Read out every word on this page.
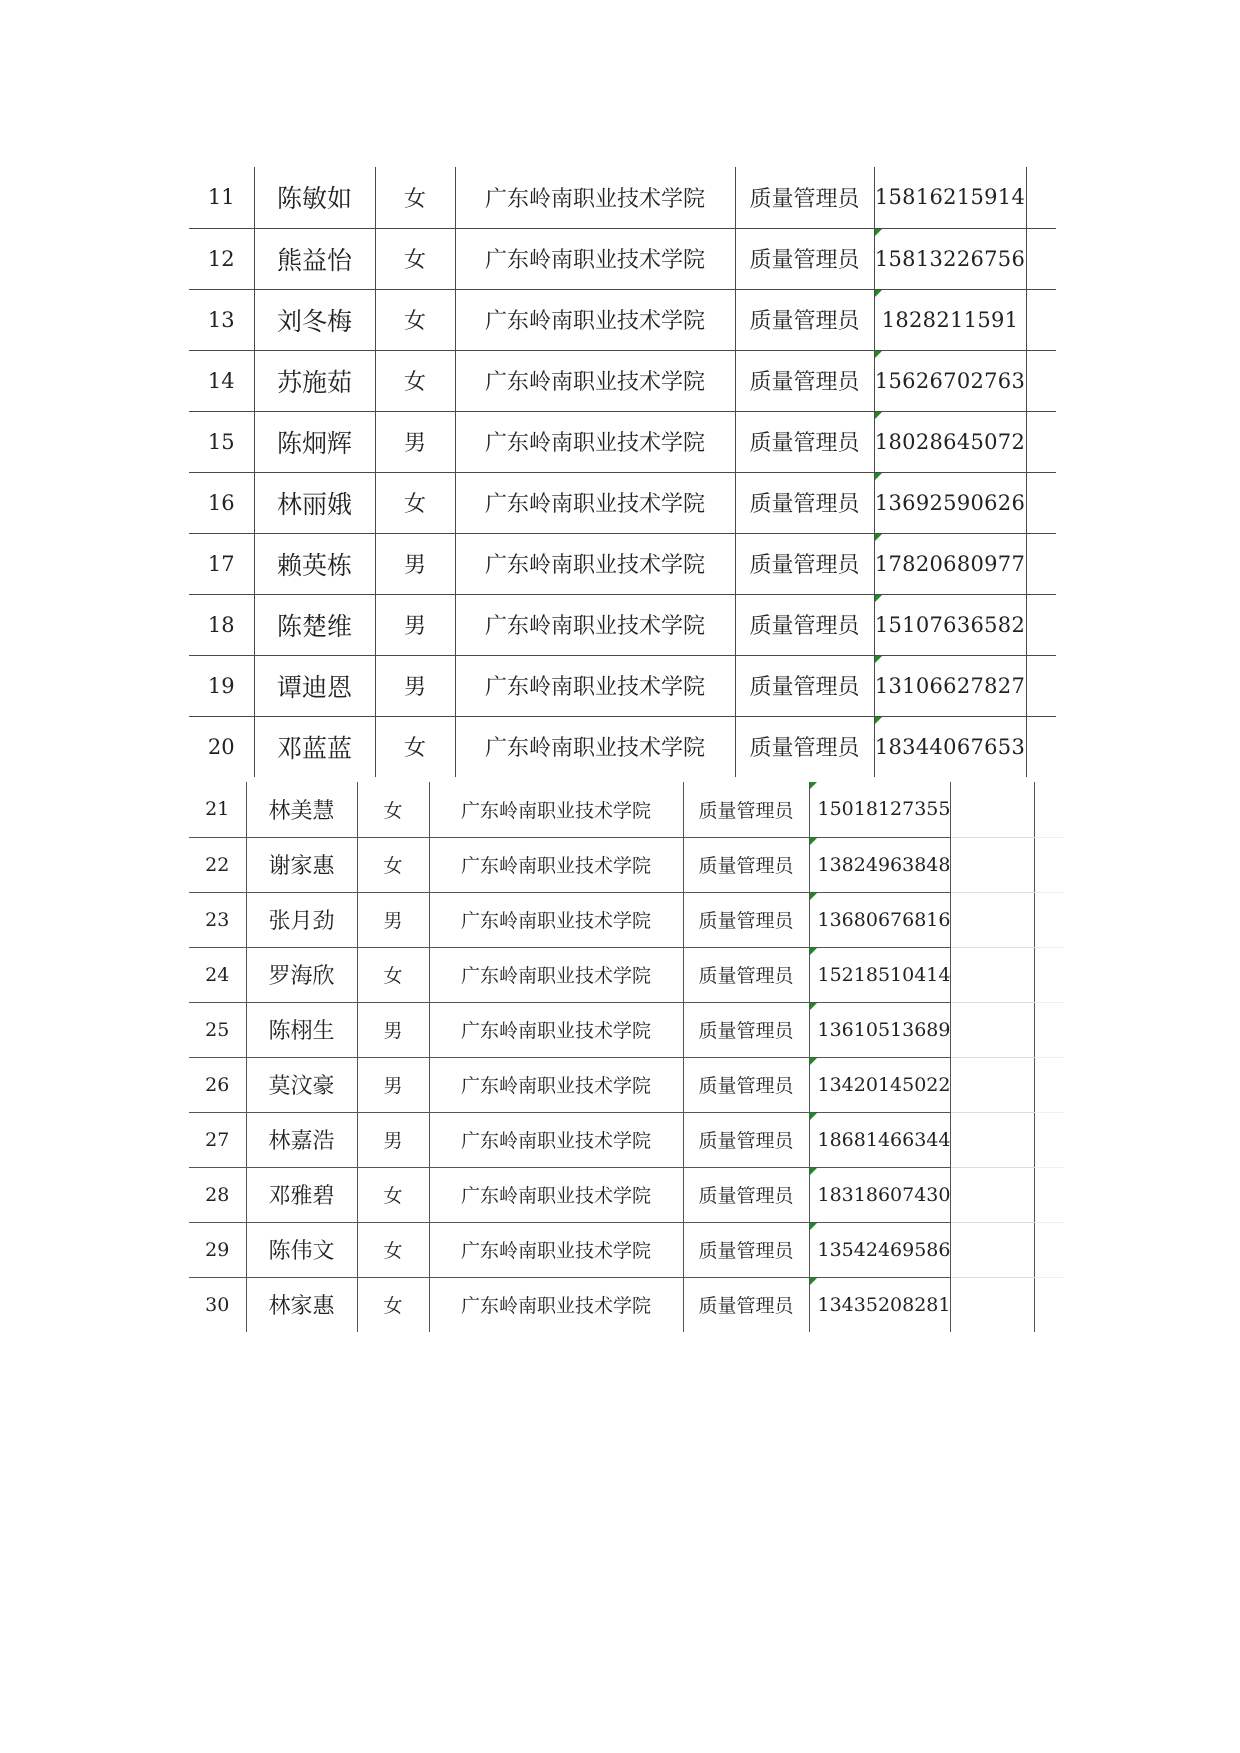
11	陈敏如	女	广东岭南职业技术学院	质量管理员	15816215914	
12	熊益怡	女	广东岭南职业技术学院	质量管理员	15813226756	
13	刘冬梅	女	广东岭南职业技术学院	质量管理员	1828211591	
14	苏施茹	女	广东岭南职业技术学院	质量管理员	15626702763	
15	陈炯辉	男	广东岭南职业技术学院	质量管理员	18028645072	
16	林丽娥	女	广东岭南职业技术学院	质量管理员	13692590626	
17	赖英栋	男	广东岭南职业技术学院	质量管理员	17820680977	
18	陈楚维	男	广东岭南职业技术学院	质量管理员	15107636582	
19	谭迪恩	男	广东岭南职业技术学院	质量管理员	13106627827	
20	邓蓝蓝	女	广东岭南职业技术学院	质量管理员	18344067653	
21	林美慧	女	广东岭南职业技术学院	质量管理员	15018127355		
22	谢家惠	女	广东岭南职业技术学院	质量管理员	13824963848		
23	张月劲	男	广东岭南职业技术学院	质量管理员	13680676816		
24	罗海欣	女	广东岭南职业技术学院	质量管理员	15218510414		
25	陈栩生	男	广东岭南职业技术学院	质量管理员	13610513689		
26	莫汶豪	男	广东岭南职业技术学院	质量管理员	13420145022		
27	林嘉浩	男	广东岭南职业技术学院	质量管理员	18681466344		
28	邓雅碧	女	广东岭南职业技术学院	质量管理员	18318607430		
29	陈伟文	女	广东岭南职业技术学院	质量管理员	13542469586		
30	林家惠	女	广东岭南职业技术学院	质量管理员	13435208281		
